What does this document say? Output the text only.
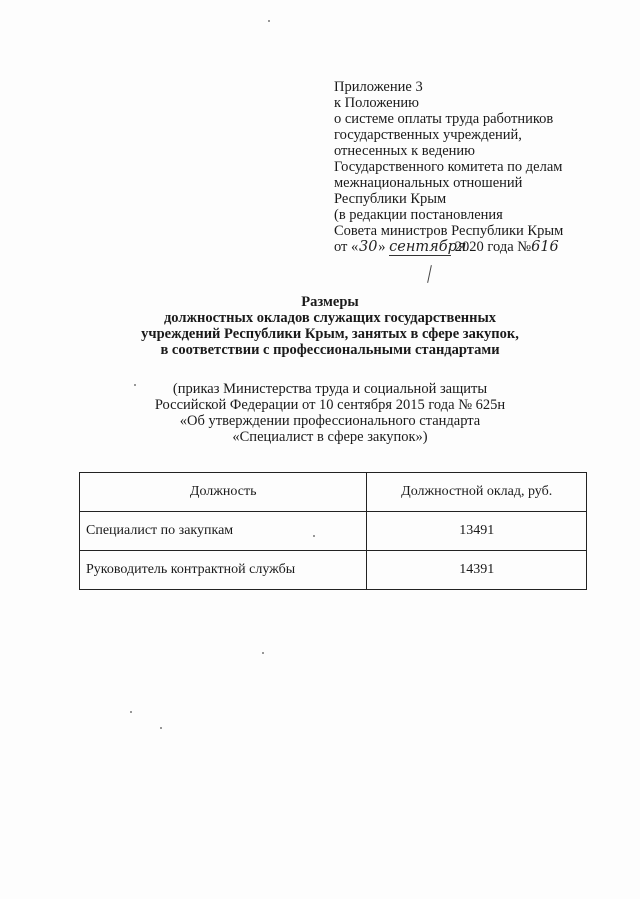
Приложение 3
к Положению
о системе оплаты труда работников
государственных учреждений,
отнесенных к ведению
Государственного комитета по делам
межнациональных отношений
Республики Крым
(в редакции постановления
Совета министров Республики Крым
от «30» сентября 2020 года №616
Размеры
должностных окладов служащих государственных
учреждений Республики Крым, занятых в сфере закупок,
в соответствии с профессиональными стандартами
(приказ Министерства труда и социальной защиты
Российской Федерации от 10 сентября 2015 года № 625н
«Об утверждении профессионального стандарта
«Специалист в сфере закупок»)
Должность	Должностной оклад, руб.
Специалист по закупкам	13491
Руководитель контрактной службы	14391
